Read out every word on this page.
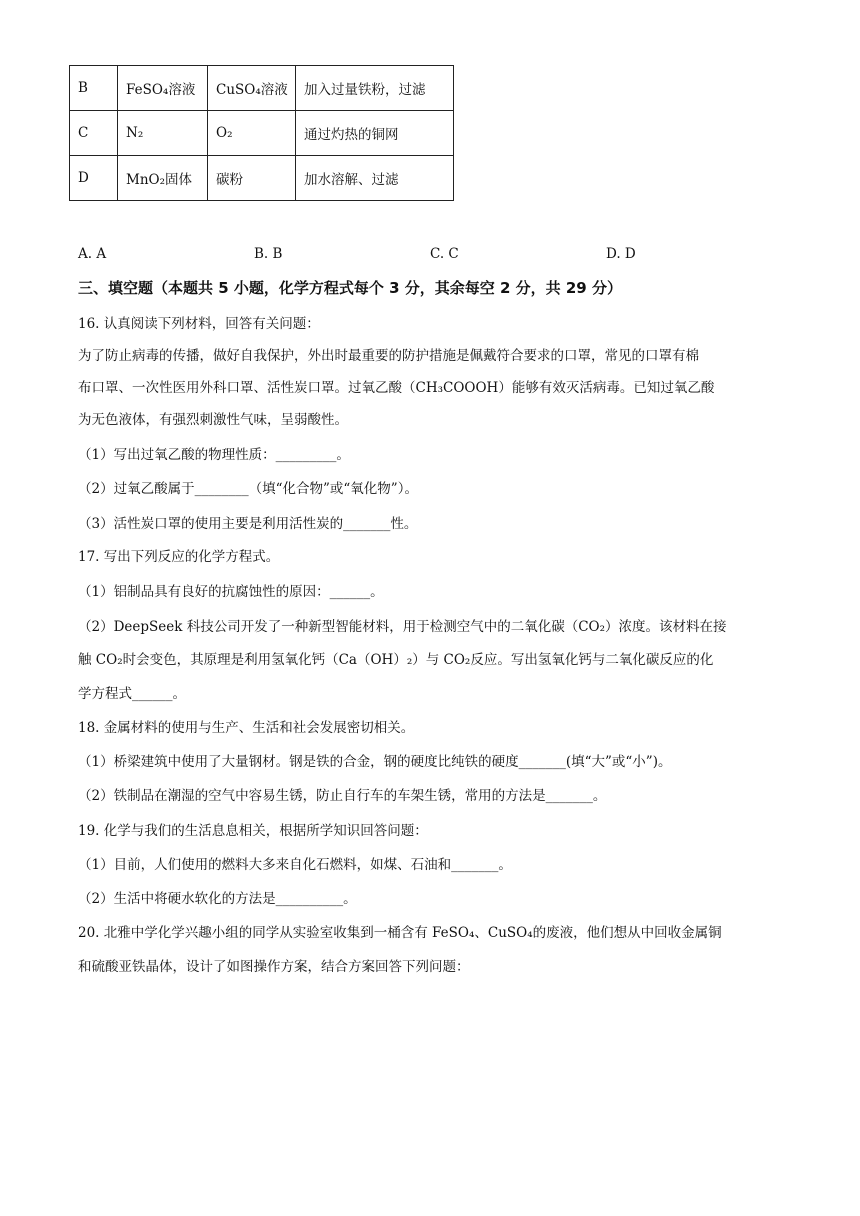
B	FeSO₄溶液	CuSO₄溶液	加入过量铁粉，过滤
C	N₂	O₂	通过灼热的铜网
D	MnO₂固体	碳粉	加水溶解、过滤
A. A	B. B	C. C	D. D
三、填空题（本题共 5 小题，化学方程式每个 3 分，其余每空 2 分，共 29 分）
16. 认真阅读下列材料，回答有关问题：
为了防止病毒的传播，做好自我保护，外出时最重要的防护措施是佩戴符合要求的口罩，常见的口罩有棉
布口罩、一次性医用外科口罩、活性炭口罩。过氧乙酸（CH₃COOOH）能够有效灭活病毒。已知过氧乙酸
为无色液体，有强烈刺激性气味，呈弱酸性。
（1）写出过氧乙酸的物理性质：_________。
（2）过氧乙酸属于________（填“化合物”或“氧化物”）。
（3）活性炭口罩的使用主要是利用活性炭的_______性。
17. 写出下列反应的化学方程式。
（1）铝制品具有良好的抗腐蚀性的原因：______。
（2）DeepSeek 科技公司开发了一种新型智能材料，用于检测空气中的二氧化碳（CO₂）浓度。该材料在接
触 CO₂时会变色，其原理是利用氢氧化钙（Ca（OH）₂）与 CO₂反应。写出氢氧化钙与二氧化碳反应的化
学方程式______。
18. 金属材料的使用与生产、生活和社会发展密切相关。
（1）桥梁建筑中使用了大量钢材。钢是铁的合金，钢的硬度比纯铁的硬度_______(填“大”或“小”)。
（2）铁制品在潮湿的空气中容易生锈，防止自行车的车架生锈，常用的方法是_______。
19. 化学与我们的生活息息相关，根据所学知识回答问题：
（1）目前，人们使用的燃料大多来自化石燃料，如煤、石油和_______。
（2）生活中将硬水软化的方法是__________。
20. 北雅中学化学兴趣小组的同学从实验室收集到一桶含有 FeSO₄、CuSO₄的废液，他们想从中回收金属铜
和硫酸亚铁晶体，设计了如图操作方案，结合方案回答下列问题：
